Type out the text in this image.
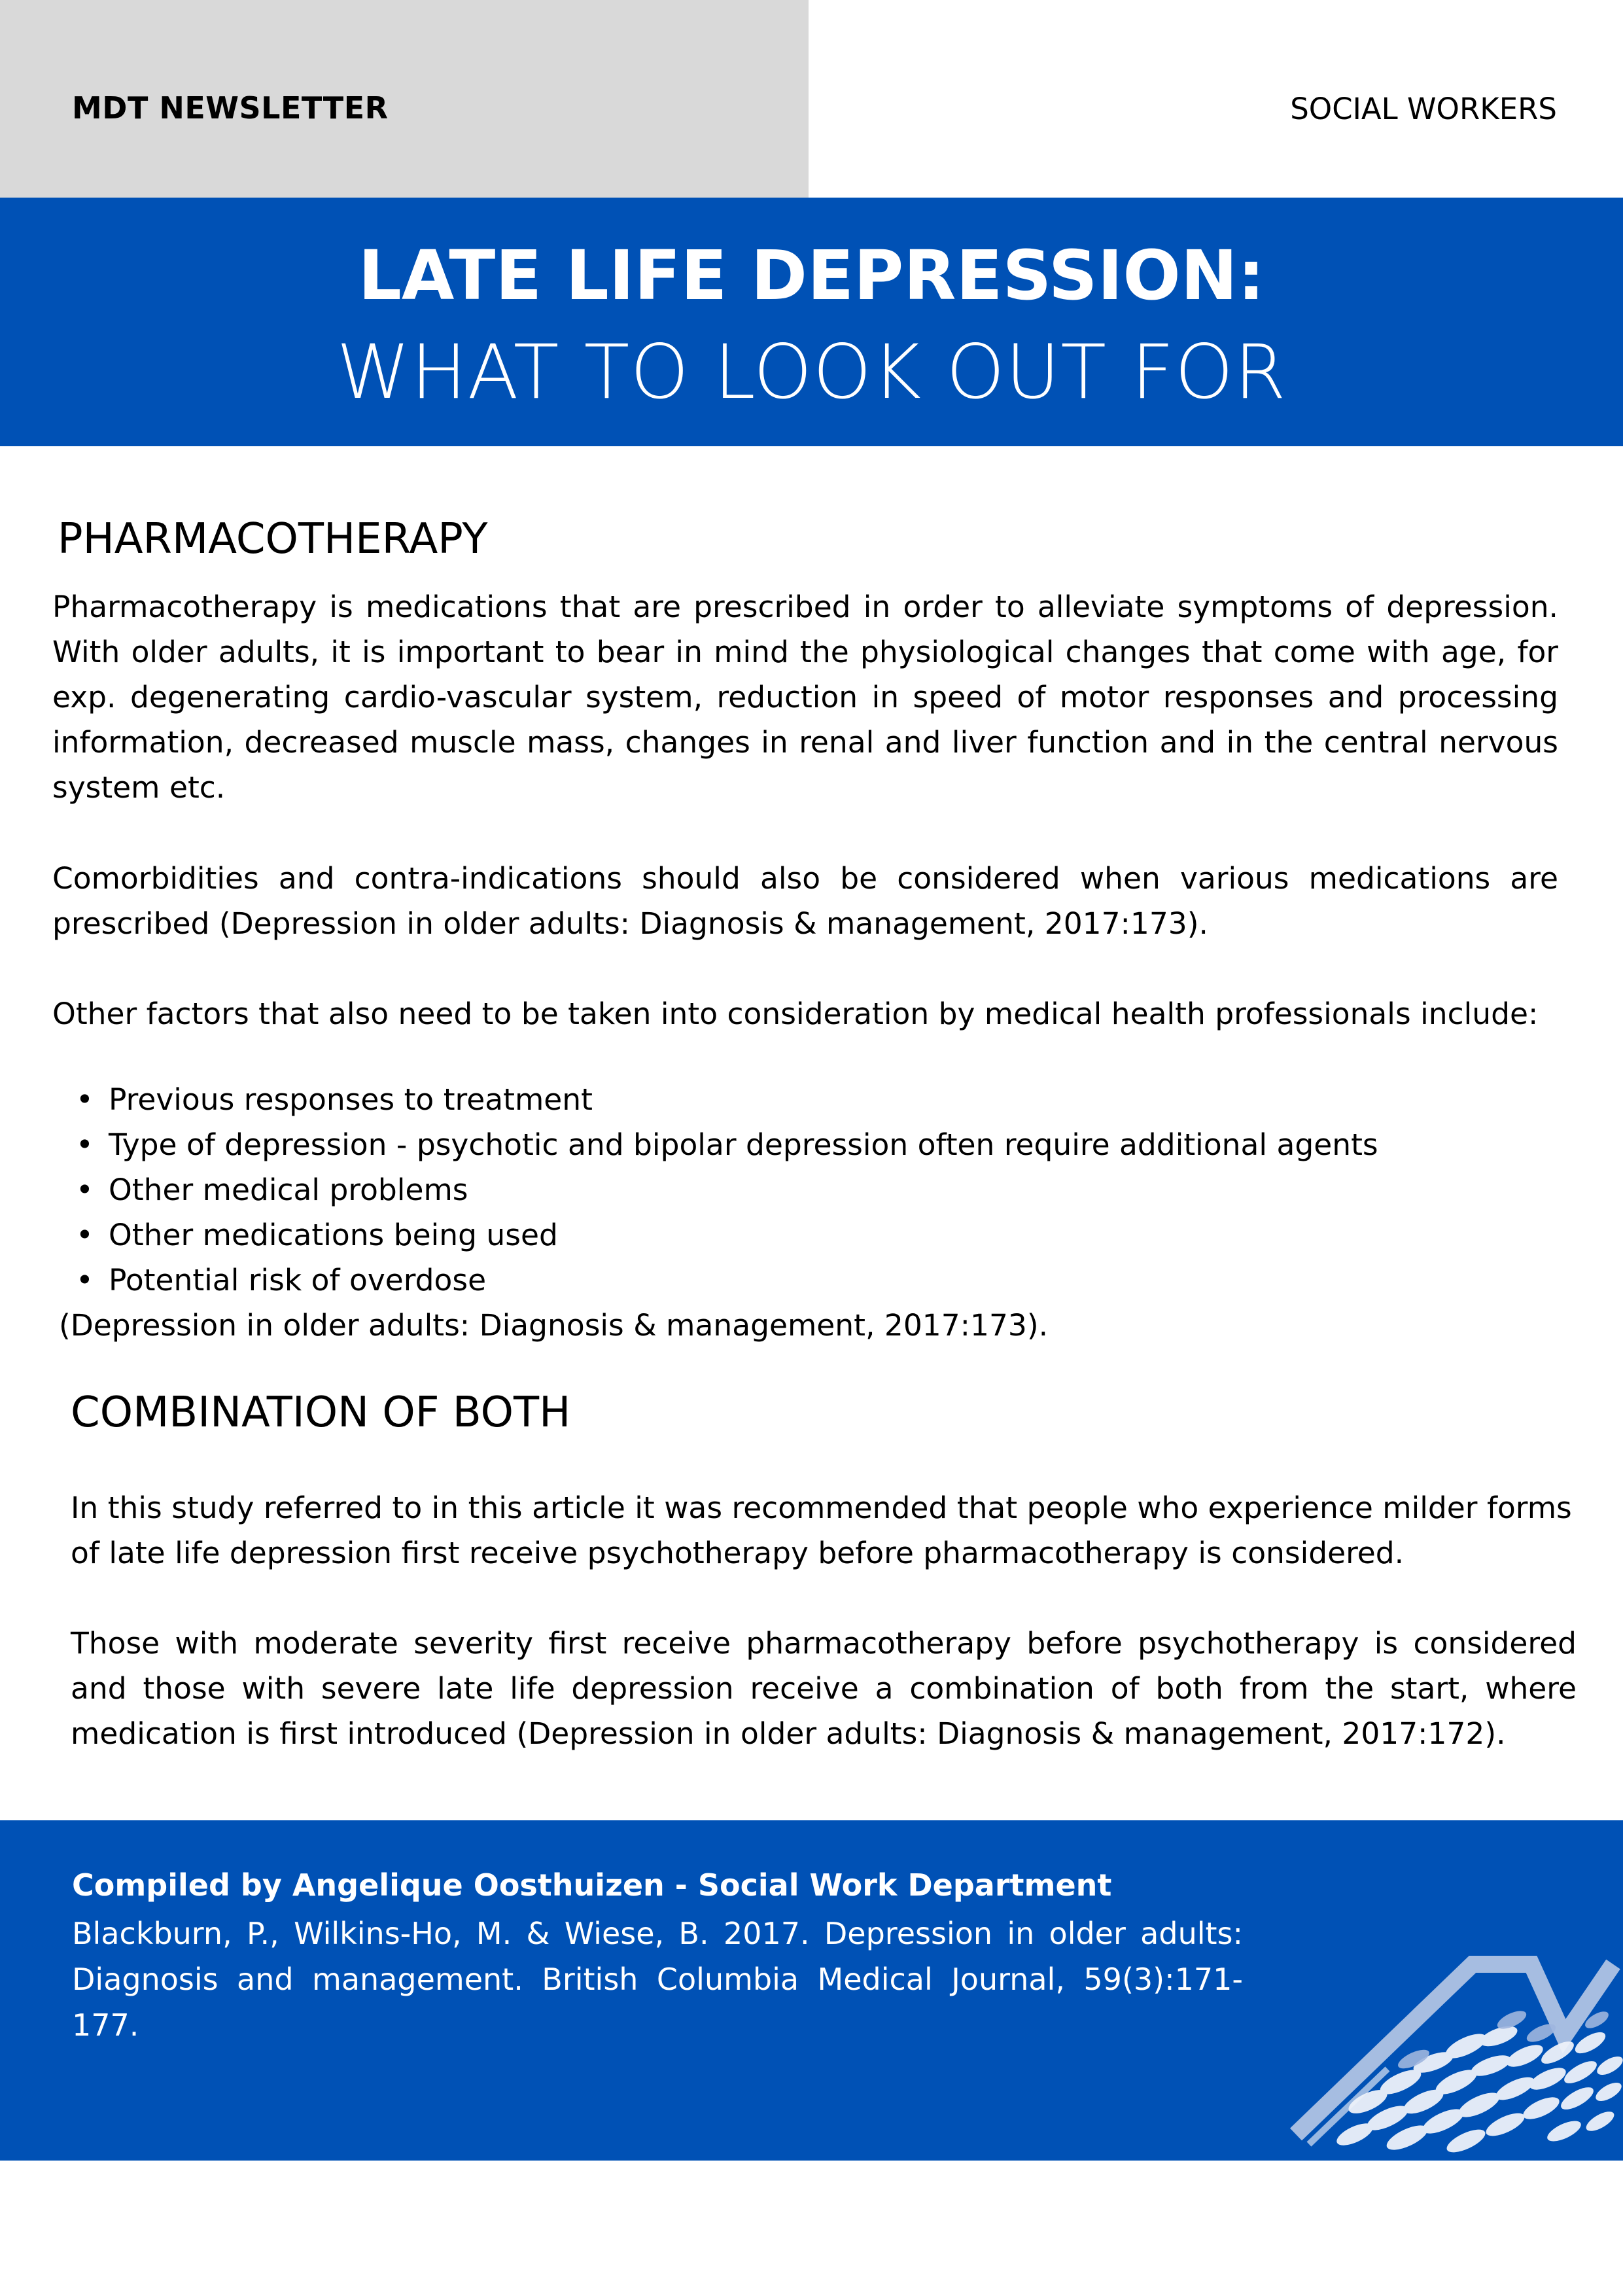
MDT NEWSLETTER	SOCIAL WORKERS
LATE LIFE DEPRESSION:
WHAT TO LOOK OUT FOR
PHARMACOTHERAPY

Pharmacotherapy is medications that are prescribed in order to alleviate symptoms of depression. With older adults, it is important to bear in mind the physiological changes that come with age, for exp. degenerating cardio-vascular system, reduction in speed of motor responses and processing information, decreased muscle mass, changes in renal and liver function and in the central nervous system etc.

Comorbidities and contra-indications should also be considered when various medications are prescribed (Depression in older adults: Diagnosis & management, 2017:173).

Other factors that also need to be taken into consideration by medical health professionals include:

• Previous responses to treatment
• Type of depression - psychotic and bipolar depression often require additional agents
• Other medical problems
• Other medications being used
• Potential risk of overdose

(Depression in older adults: Diagnosis & management, 2017:173).

COMBINATION OF BOTH

In this study referred to in this article it was recommended that people who experience milder forms of late life depression first receive psychotherapy before pharmacotherapy is considered.

Those with moderate severity first receive pharmacotherapy before psychotherapy is considered and those with severe late life depression receive a combination of both from the start, where medication is first introduced (Depression in older adults: Diagnosis & management, 2017:172).

Compiled by Angelique Oosthuizen - Social Work Department

Blackburn, P., Wilkins-Ho, M. & Wiese, B. 2017. Depression in older adults: Diagnosis and management. British Columbia Medical Journal, 59(3):171-177.
